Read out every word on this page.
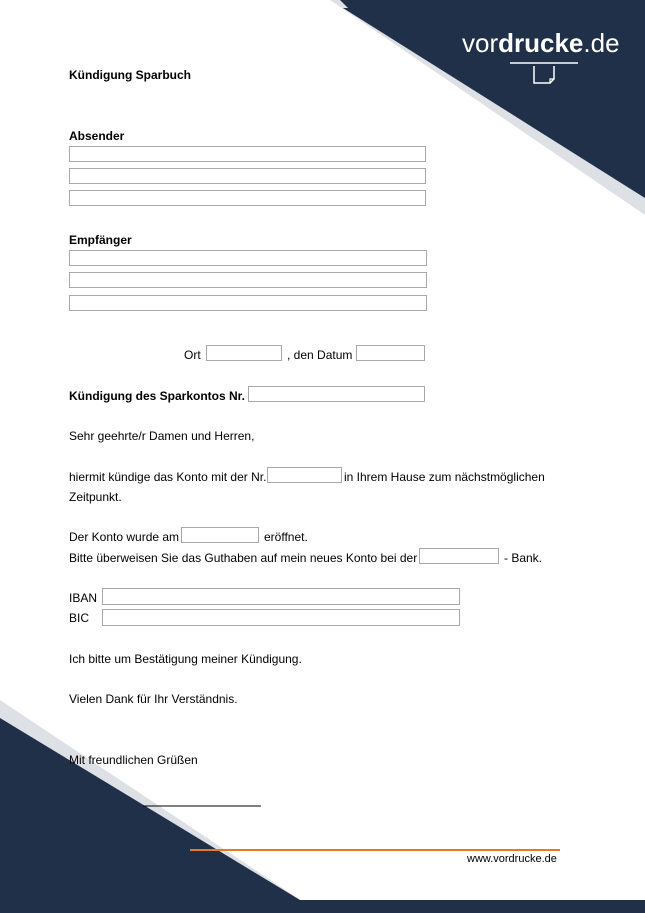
vordrucke.de
Kündigung Sparbuch
Absender
Empfänger
Ort	, den Datum
Kündigung des Sparkontos Nr.
Sehr geehrte/r Damen und Herren,
hiermit kündige das Konto mit der Nr.	in Ihrem Hause zum nächstmöglichen
Zeitpunkt.
Der Konto wurde am	eröffnet.
Bitte überweisen Sie das Guthaben auf mein neues Konto bei der	- Bank.
IBAN
BIC
Ich bitte um Bestätigung meiner Kündigung.
Vielen Dank für Ihr Verständnis.
Mit freundlichen Grüßen
www.vordrucke.de
